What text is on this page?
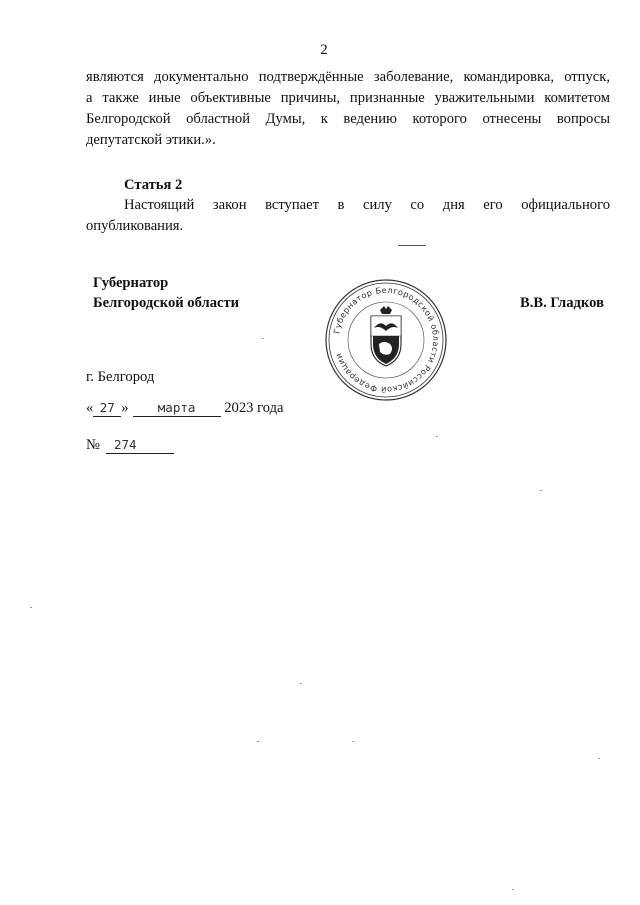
2
являются документально подтверждённые заболевание, командировка, отпуск,
а также иные объективные причины, признанные уважительными комитетом
Белгородской областной Думы, к ведению которого отнесены вопросы
депутатской этики.».
Статья 2
Настоящий закон вступает в силу со дня его официального
опубликования.
Губернатор
Белгородской области	В.В. Гладков
Губернатор Белгородской области Российской Федерации
г. Белгород
« 27 » марта 2023 года
№ 274
